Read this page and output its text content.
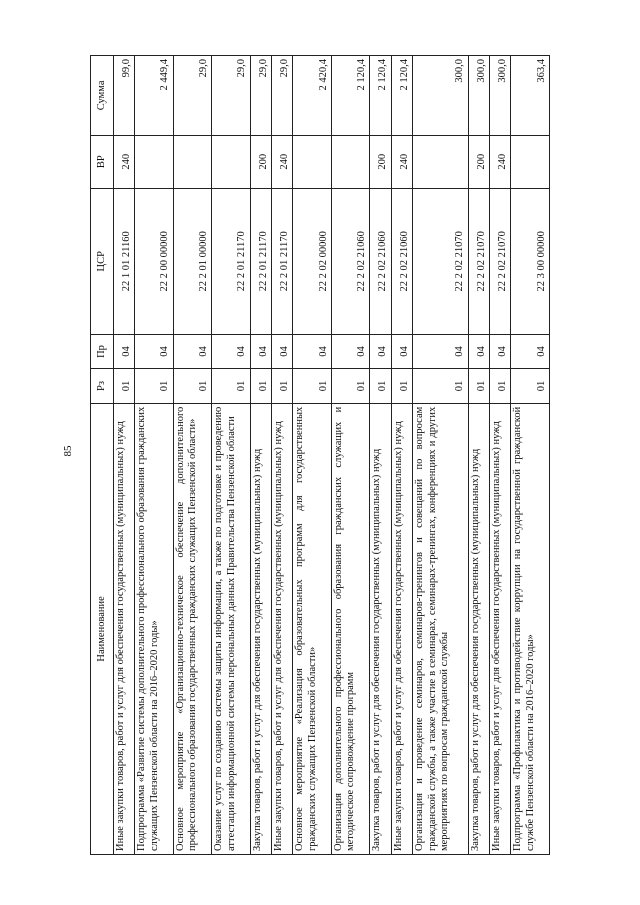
85
Наименование	Рз	Пр	ЦСР	ВР	Сумма
Иные закупки товаров, работ и услуг для обеспечения государственных (муниципальных) нужд	01	04	22 1 01 21160	240	99,0
Подпрограмма «Развитие системы дополнительного профессионального образования гражданских служащих Пензенской области на 2016–2020 годы»	01	04	22 2 00 00000		2 449,4
Основное мероприятие «Организационно-техническое обеспечение дополнительного профессионального образования государственных гражданских служащих Пензенской области»	01	04	22 2 01 00000		29,0
Оказание услуг по созданию системы защиты информации, а также по подготовке и проведению аттестации информационной системы персональных данных Правительства Пензенской области	01	04	22 2 01 21170		29,0
Закупка товаров, работ и услуг для обеспечения государственных (муниципальных) нужд	01	04	22 2 01 21170	200	29,0
Иные закупки товаров, работ и услуг для обеспечения государственных (муниципальных) нужд	01	04	22 2 01 21170	240	29,0
Основное мероприятие «Реализация образовательных программ для государственных гражданских служащих Пензенской области»	01	04	22 2 02 00000		2 420,4
Организация дополнительного профессионального образования гражданских служащих и методическое сопровождение программ	01	04	22 2 02 21060		2 120,4
Закупка товаров, работ и услуг для обеспечения государственных (муниципальных) нужд	01	04	22 2 02 21060	200	2 120,4
Иные закупки товаров, работ и услуг для обеспечения государственных (муниципальных) нужд	01	04	22 2 02 21060	240	2 120,4
Организация и проведение семинаров, семинаров-тренингов и совещаний по вопросам гражданской службы, а также участие в семинарах, семинарах-тренингах, конференциях и других мероприятиях по вопросам гражданской службы	01	04	22 2 02 21070		300,0
Закупка товаров, работ и услуг для обеспечения государственных (муниципальных) нужд	01	04	22 2 02 21070	200	300,0
Иные закупки товаров, работ и услуг для обеспечения государственных (муниципальных) нужд	01	04	22 2 02 21070	240	300,0
Подпрограмма «Профилактика и противодействие коррупции на государственной гражданской службе Пензенской области на 2016–2020 годы»	01	04	22 3 00 00000		363,4
